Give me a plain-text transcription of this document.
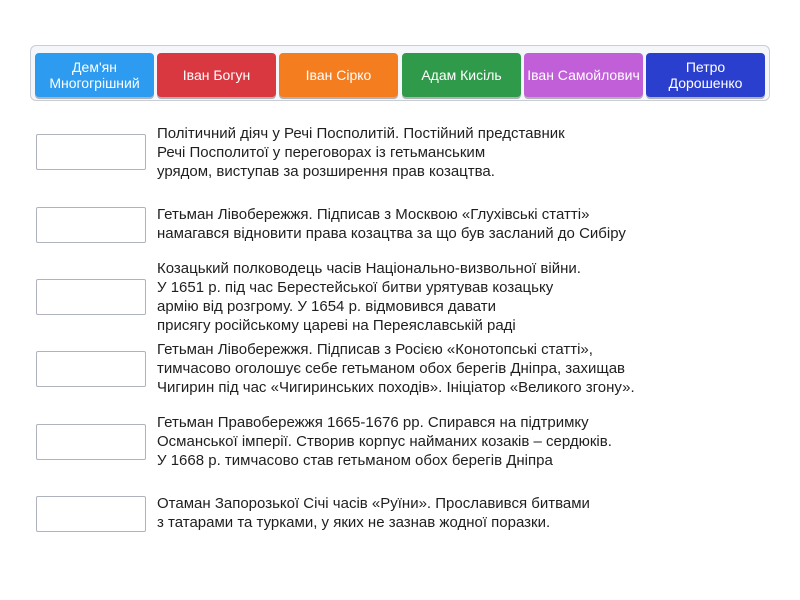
Дем'ян Многогрішний	Іван Богун	Іван Сірко	Адам Кисіль	Іван Самойлович	Петро Дорошенко
Політичний діяч у Речі Посполитій. Постійний представник
Речі Посполитої у переговорах із гетьманським
урядом, виступав за розширення прав козацтва.
Гетьман Лівобережжя. Підписав з Москвою «Глухівські статті»
намагався відновити права козацтва за що був засланий до Сибіру
Козацький полководець часів Національно-визвольної війни.
У 1651 р. під час Берестейської битви урятував козацьку
армію від розгрому. У 1654 р. відмовився давати
присягу російському цареві на Переяславській раді
Гетьман Лівобережжя. Підписав з Росією «Конотопські статті»,
тимчасово оголошує себе гетьманом обох берегів Дніпра, захищав
Чигирин під час «Чигиринських походів». Ініціатор «Великого згону».
Гетьман Правобережжя 1665-1676 рр. Спирався на підтримку
Османської імперії. Створив корпус найманих козаків – сердюків.
У 1668 р. тимчасово став гетьманом обох берегів Дніпра
Отаман Запорозької Січі часів «Руїни». Прославився битвами
з татарами та турками, у яких не зазнав жодної поразки.
